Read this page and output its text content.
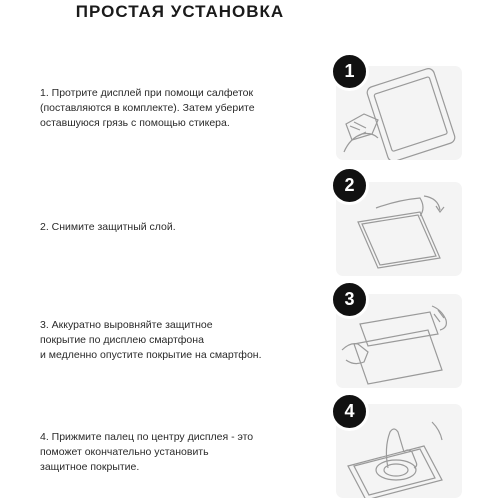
ПРОСТАЯ УСТАНОВКА
1. Протрите дисплей при помощи салфеток
(поставляются в комплекте). Затем уберите
оставшуюся грязь с помощью стикера.
1
2. Снимите защитный слой.
2
3. Аккуратно выровняйте защитное
покрытие по дисплею смартфона
и медленно опустите покрытие на смартфон.
3
4. Прижмите палец по центру дисплея - это
поможет окончательно установить
защитное покрытие.
4
